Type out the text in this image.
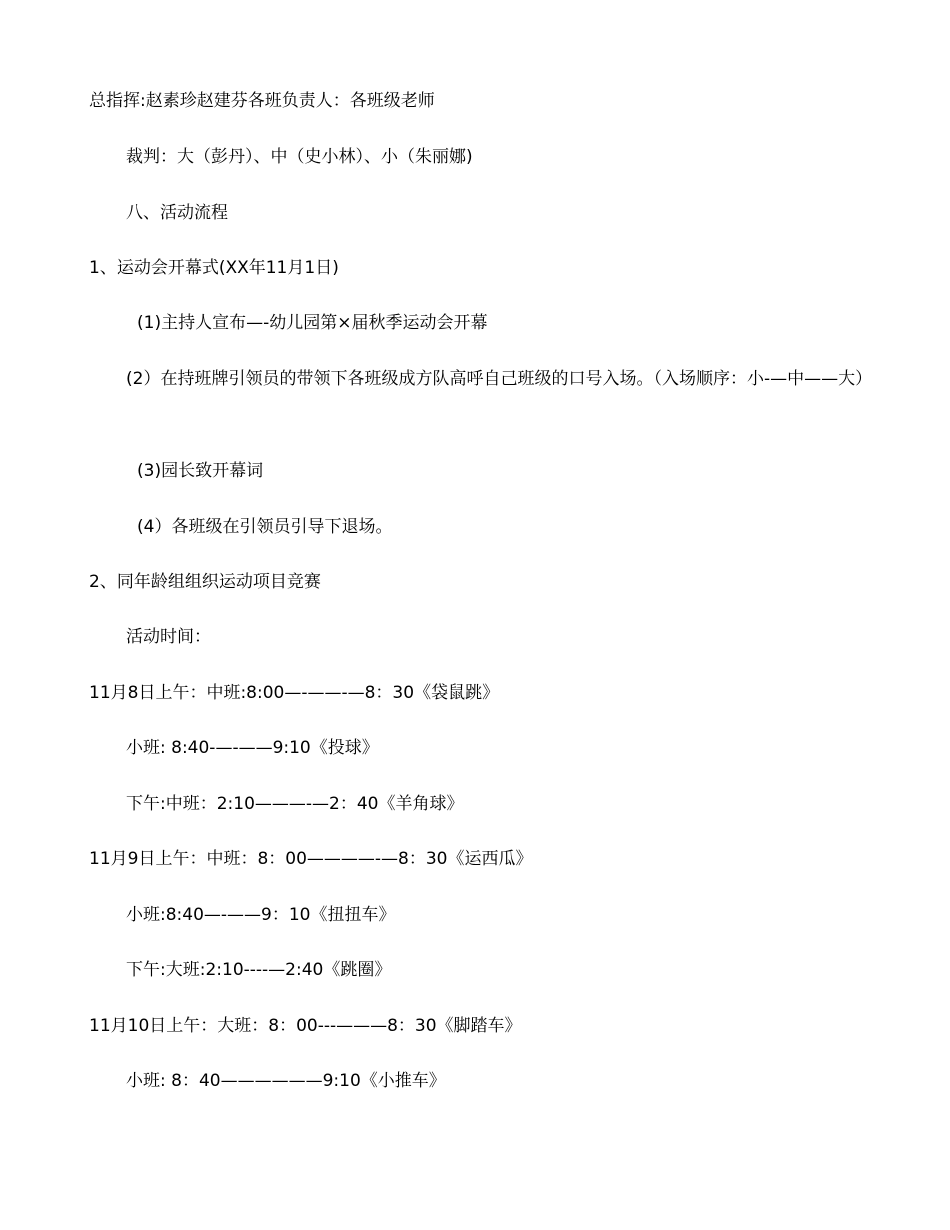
总指挥:赵素珍赵建芬各班负责人：各班级老师
裁判：大（彭丹）、中（史小林）、小（朱丽娜)
八、活动流程
1、运动会开幕式(XX年11月1日)
(1)主持人宣布—-幼儿园第×届秋季运动会开幕
(2）在持班牌引领员的带领下各班级成方队高呼自己班级的口号入场。（入场顺序：小-—中——大）
(3)园长致开幕词
(4）各班级在引领员引导下退场。
2、同年龄组组织运动项目竞赛
活动时间：
11月8日上午：中班:8:00—-——-—8：30《袋鼠跳》
小班: 8:40-—-——9:10《投球》
下午:中班：2:10———-—2：40《羊角球》
11月9日上午：中班：8：00————-—8：30《运西瓜》
小班:8:40—-——9：10《扭扭车》
下午:大班:2:10----—2:40《跳圈》
11月10日上午：大班：8：00---———8：30《脚踏车》
小班: 8：40——————9:10《小推车》
